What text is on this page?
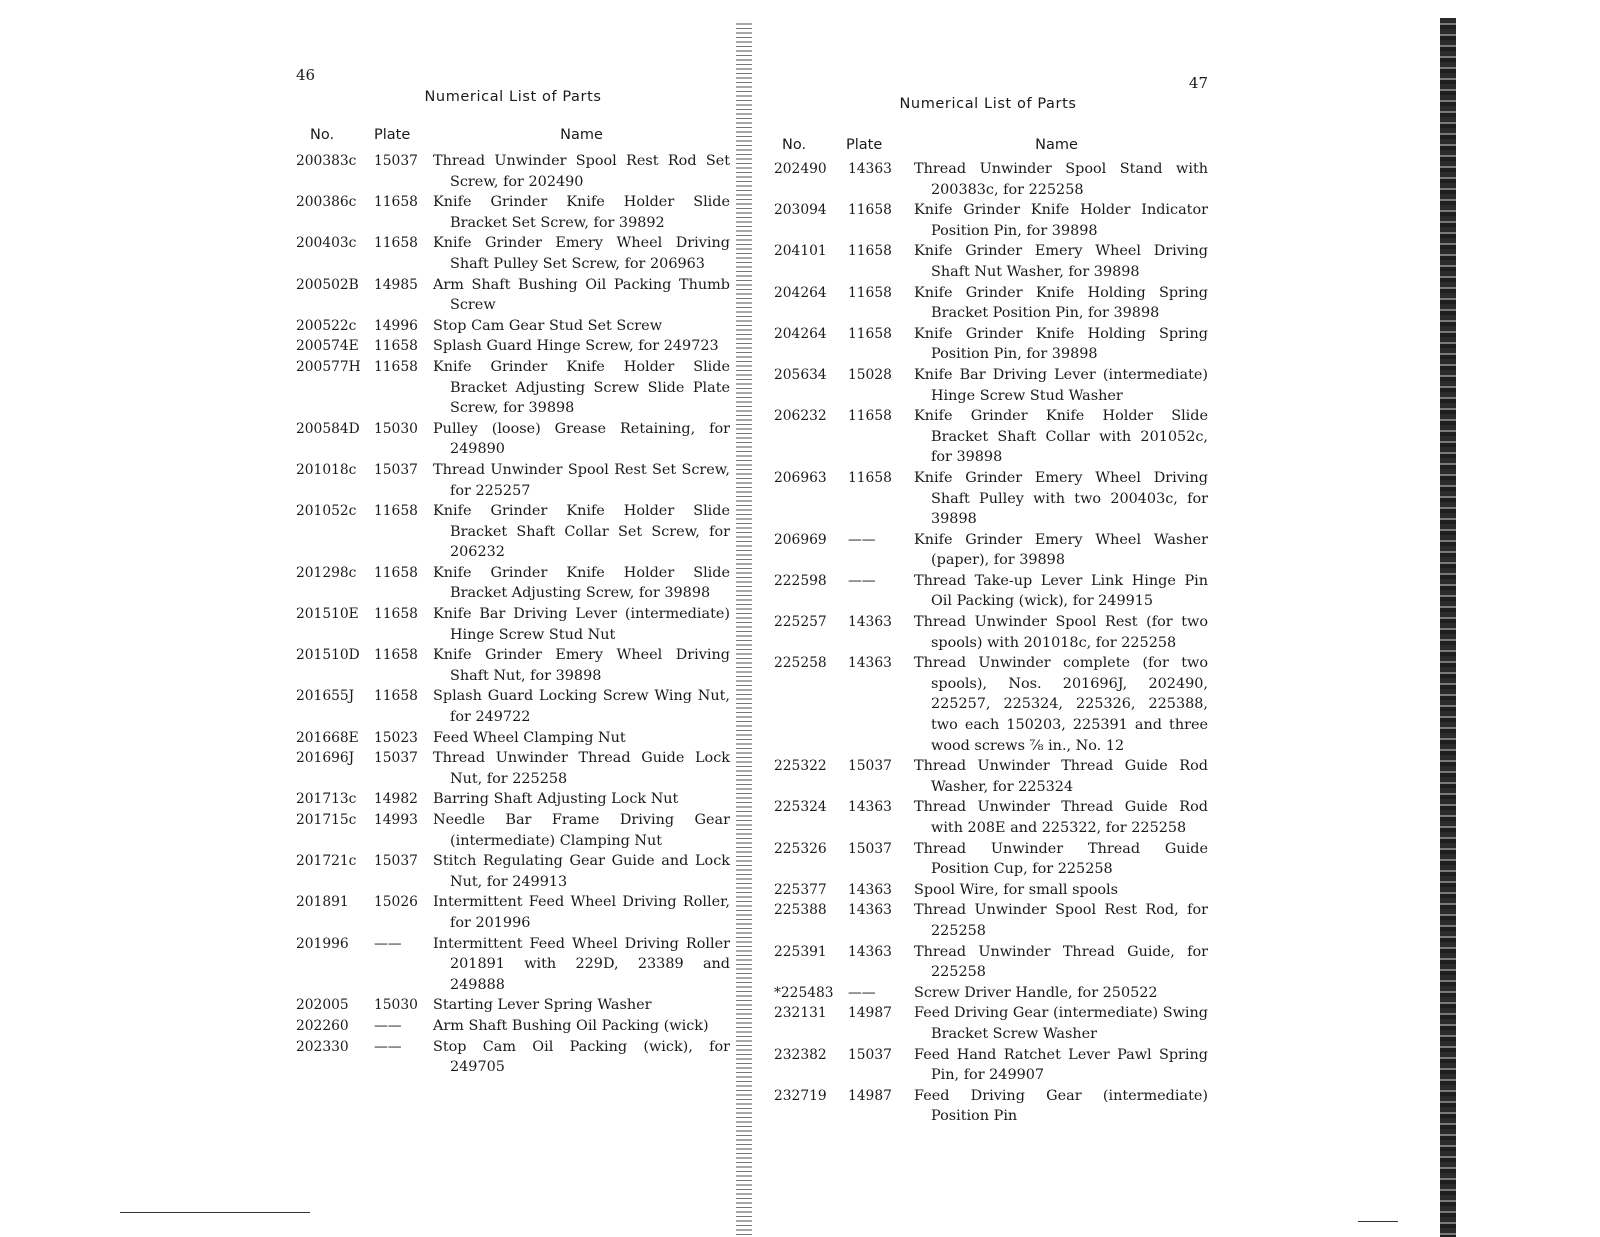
46
Numerical List of Parts
No.	Plate	Name
200383c	15037	Thread Unwinder Spool Rest Rod Set Screw, for 202490
200386c	11658	Knife Grinder Knife Holder Slide Bracket Set Screw, for 39892
200403c	11658	Knife Grinder Emery Wheel Driving Shaft Pulley Set Screw, for 206963
200502B	14985	Arm Shaft Bushing Oil Packing Thumb Screw
200522c	14996	Stop Cam Gear Stud Set Screw
200574E	11658	Splash Guard Hinge Screw, for 249723
200577H 11658	Knife Grinder Knife Holder Slide Bracket Adjusting Screw Slide Plate Screw, for 39898
200584D	15030	Pulley (loose) Grease Retaining, for 249890
201018c	15037	Thread Unwinder Spool Rest Set Screw, for 225257
201052c	11658	Knife Grinder Knife Holder Slide Bracket Shaft Collar Set Screw, for 206232
201298c	11658	Knife Grinder Knife Holder Slide Bracket Adjusting Screw, for 39898
201510E	11658	Knife Bar Driving Lever (intermediate) Hinge Screw Stud Nut
201510D	11658	Knife Grinder Emery Wheel Driving Shaft Nut, for 39898
201655J	11658	Splash Guard Locking Screw Wing Nut, for 249722
201668E	15023	Feed Wheel Clamping Nut
201696J	15037	Thread Unwinder Thread Guide Lock Nut, for 225258
201713c	14982	Barring Shaft Adjusting Lock Nut
201715c	14993	Needle Bar Frame Driving Gear (intermediate) Clamping Nut
201721c	15037	Stitch Regulating Gear Guide and Lock Nut, for 249913
201891	15026	Intermittent Feed Wheel Driving Roller, for 201996
201996	——	Intermittent Feed Wheel Driving Roller 201891 with 229D, 23389 and 249888
202005	15030	Starting Lever Spring Washer
202260	——	Arm Shaft Bushing Oil Packing (wick)
202330	——	Stop Cam Oil Packing (wick), for 249705
47
Numerical List of Parts
No.	Plate	Name
202490	14363	Thread Unwinder Spool Stand with 200383c, for 225258
203094	11658	Knife Grinder Knife Holder Indicator Position Pin, for 39898
204101	11658	Knife Grinder Emery Wheel Driving Shaft Nut Washer, for 39898
204264	11658	Knife Grinder Knife Holding Spring Bracket Position Pin, for 39898
204264	11658	Knife Grinder Knife Holding Spring Position Pin, for 39898
205634	15028	Knife Bar Driving Lever (intermediate) Hinge Screw Stud Washer
206232	11658	Knife Grinder Knife Holder Slide Bracket Shaft Collar with 201052c, for 39898
206963	11658	Knife Grinder Emery Wheel Driving Shaft Pulley with two 200403c, for 39898
206969	——	Knife Grinder Emery Wheel Washer (paper), for 39898
222598	——	Thread Take-up Lever Link Hinge Pin Oil Packing (wick), for 249915
225257	14363	Thread Unwinder Spool Rest (for two spools) with 201018c, for 225258
225258	14363	Thread Unwinder complete (for two spools), Nos. 201696J, 202490, 225257, 225324, 225326, 225388, two each 150203, 225391 and three wood screws ⅞ in., No. 12
225322	15037	Thread Unwinder Thread Guide Rod Washer, for 225324
225324	14363	Thread Unwinder Thread Guide Rod with 208E and 225322, for 225258
225326	15037	Thread Unwinder Thread Guide Position Cup, for 225258
225377	14363	Spool Wire, for small spools
225388	14363	Thread Unwinder Spool Rest Rod, for 225258
225391	14363	Thread Unwinder Thread Guide, for 225258
*225483	——	Screw Driver Handle, for 250522
232131	14987	Feed Driving Gear (intermediate) Swing Bracket Screw Washer
232382	15037	Feed Hand Ratchet Lever Pawl Spring Pin, for 249907
232719	14987	Feed Driving Gear (intermediate) Position Pin
